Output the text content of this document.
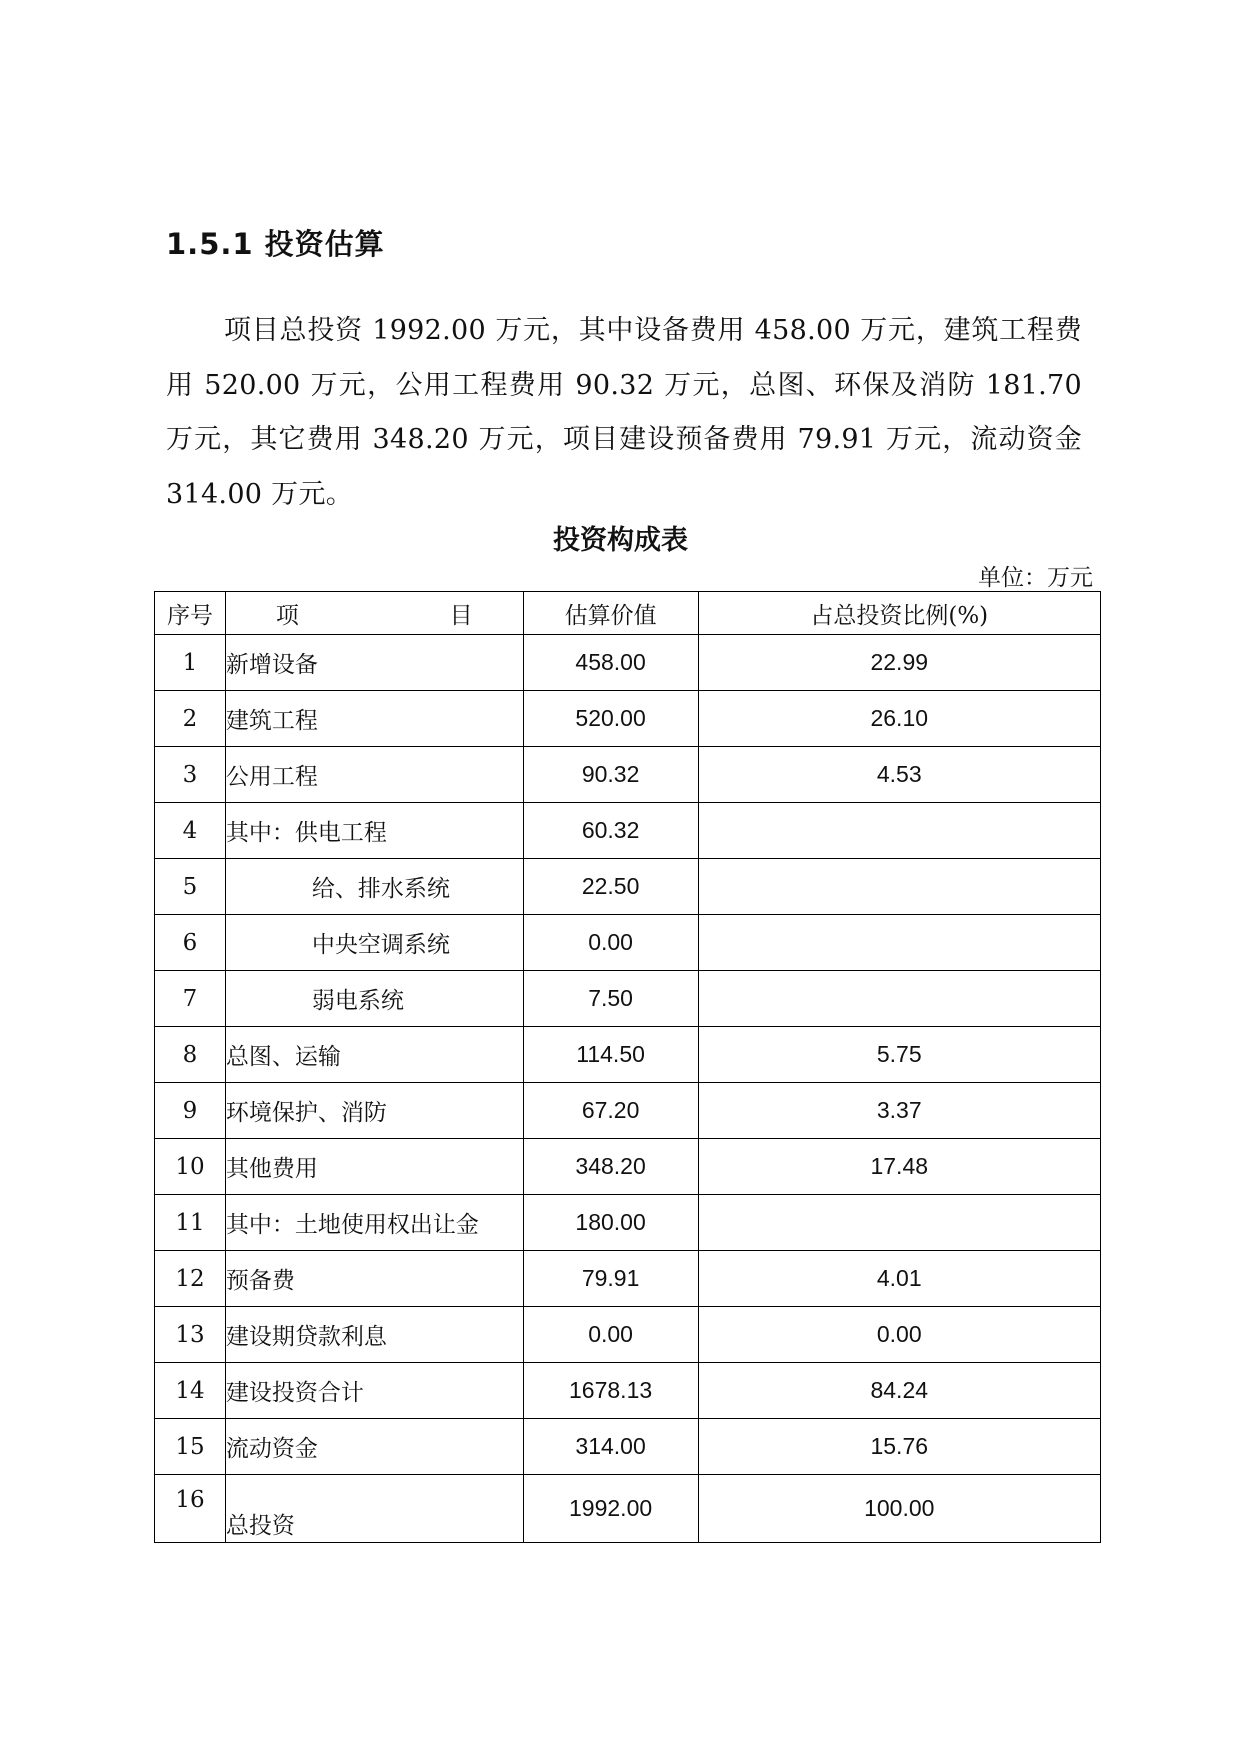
1.5.1 投资估算

项目总投资 1992.00 万元，其中设备费用 458.00 万元，建筑工程费用 520.00 万元，公用工程费用 90.32 万元，总图、环保及消防 181.70 万元，其它费用 348.20 万元，项目建设预备费用 79.91 万元，流动资金 314.00 万元。

投资构成表
单位：万元
序号	项 目	估算价值	占总投资比例(%)
1	新增设备	458.00	22.99
2	建筑工程	520.00	26.10
3	公用工程	90.32	4.53
4	其中：供电工程	60.32	
5	给、排水系统	22.50	
6	中央空调系统	0.00	
7	弱电系统	7.50	
8	总图、运输	114.50	5.75
9	环境保护、消防	67.20	3.37
10	其他费用	348.20	17.48
11	其中：土地使用权出让金	180.00	
12	预备费	79.91	4.01
13	建设期贷款利息	0.00	0.00
14	建设投资合计	1678.13	84.24
15	流动资金	314.00	15.76
16	总投资	1992.00	100.00
